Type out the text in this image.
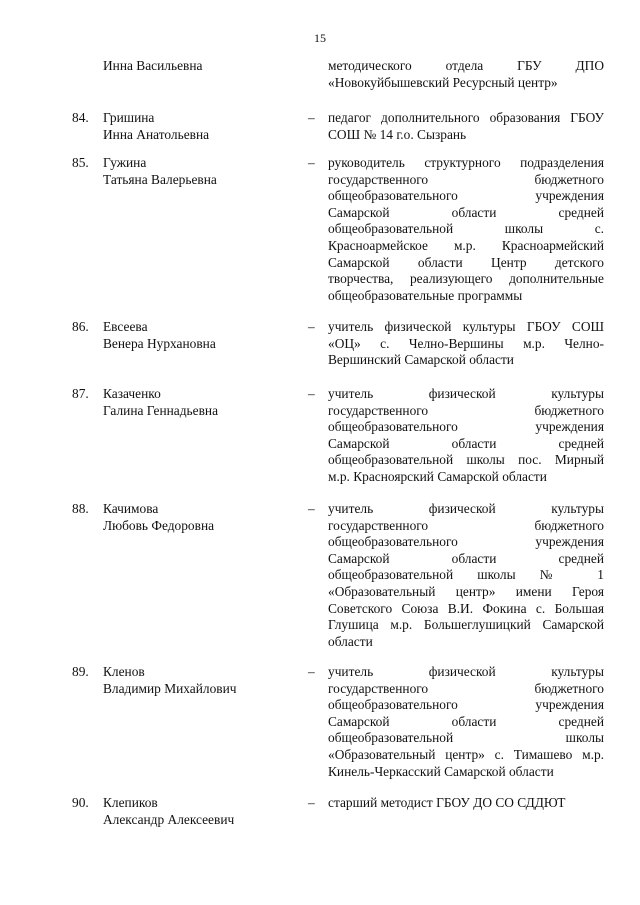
15
Инна Васильевна	методического отдела ГБУ ДПО
«Новокуйбышевский Ресурсный центр»
84.	Гришина
Инна Анатольевна
– педагог дополнительного образования ГБОУ
СОШ № 14 г.о. Сызрань
85.	Гужина
Татьяна Валерьевна
– руководитель структурного подразделения
государственного бюджетного
общеобразовательного учреждения
Самарской области средней
общеобразовательной школы с.
Красноармейское м.р. Красноармейский
Самарской области Центр детского
творчества, реализующего дополнительные
общеобразовательные программы
86.	Евсеева
Венера Нурхановна
– учитель физической культуры ГБОУ СОШ
«ОЦ» с. Челно-Вершины м.р. Челно-
Вершинский Самарской области
87.	Казаченко
Галина Геннадьевна
– учитель физической культуры
государственного бюджетного
общеобразовательного учреждения
Самарской области средней
общеобразовательной школы пос. Мирный
м.р. Красноярский Самарской области
88.	Качимова
Любовь Федоровна
– учитель физической культуры
государственного бюджетного
общеобразовательного учреждения
Самарской области средней
общеобразовательной школы № 1
«Образовательный центр» имени Героя
Советского Союза В.И. Фокина с. Большая
Глушица м.р. Большеглушицкий Самарской
области
89.	Кленов
Владимир Михайлович
– учитель физической культуры
государственного бюджетного
общеобразовательного учреждения
Самарской области средней
общеобразовательной школы
«Образовательный центр» с. Тимашево м.р.
Кинель-Черкасский Самарской области
90.	Клепиков
Александр Алексеевич
– старший методист ГБОУ ДО СО СДДЮТ
